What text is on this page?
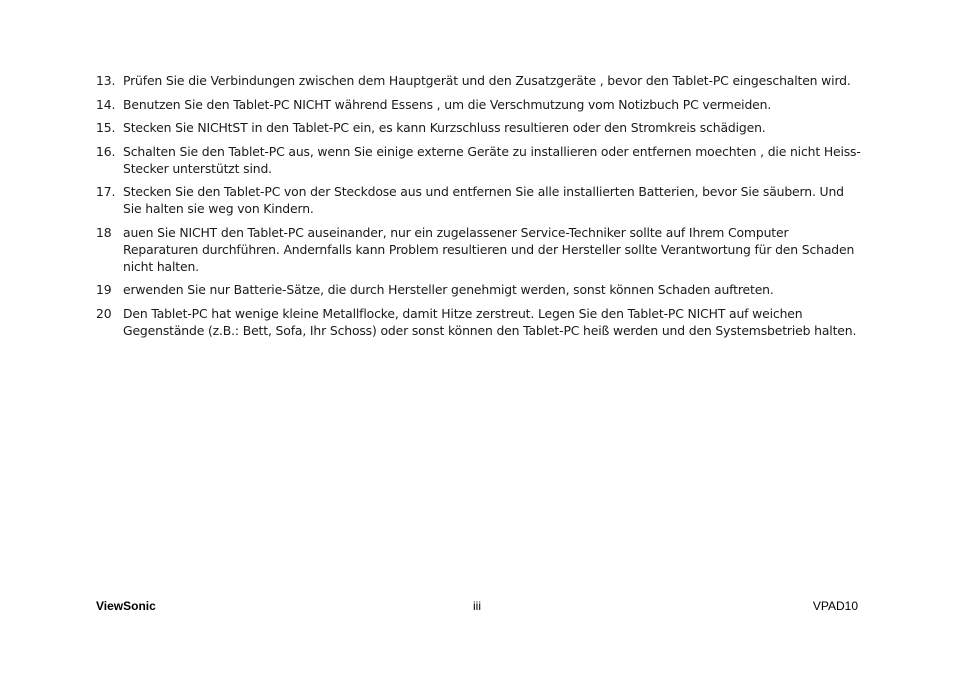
13. Prüfen Sie die Verbindungen zwischen dem Hauptgerät und den Zusatzgeräte , bevor den Tablet-PC eingeschalten wird.
14. Benutzen Sie den Tablet-PC NICHT während Essens , um die Verschmutzung vom Notizbuch PC vermeiden.
15. Stecken Sie NICHtST in den Tablet-PC ein, es kann Kurzschluss resultieren oder den Stromkreis schädigen.
16. Schalten Sie den Tablet-PC aus, wenn Sie einige externe Geräte zu installieren oder entfernen moechten , die nicht Heiss-Stecker unterstützt sind.
17. Stecken Sie den Tablet-PC von der Steckdose aus und entfernen Sie alle installierten Batterien, bevor Sie säubern. Und Sie halten sie weg von Kindern.
18 auen Sie NICHT den Tablet-PC auseinander, nur ein zugelassener Service-Techniker sollte auf Ihrem Computer Reparaturen durchführen. Andernfalls kann Problem resultieren und der Hersteller sollte Verantwortung für den Schaden nicht halten.
19 erwenden Sie nur Batterie-Sätze, die durch Hersteller genehmigt werden, sonst können Schaden auftreten.
20 Den Tablet-PC hat wenige kleine Metallflocke, damit Hitze zerstreut. Legen Sie den Tablet-PC NICHT auf weichen Gegenstände (z.B.: Bett, Sofa, Ihr Schoss) oder sonst können den Tablet-PC heiß werden und den Systemsbetrieb halten.
ViewSonic	iii	VPAD10
